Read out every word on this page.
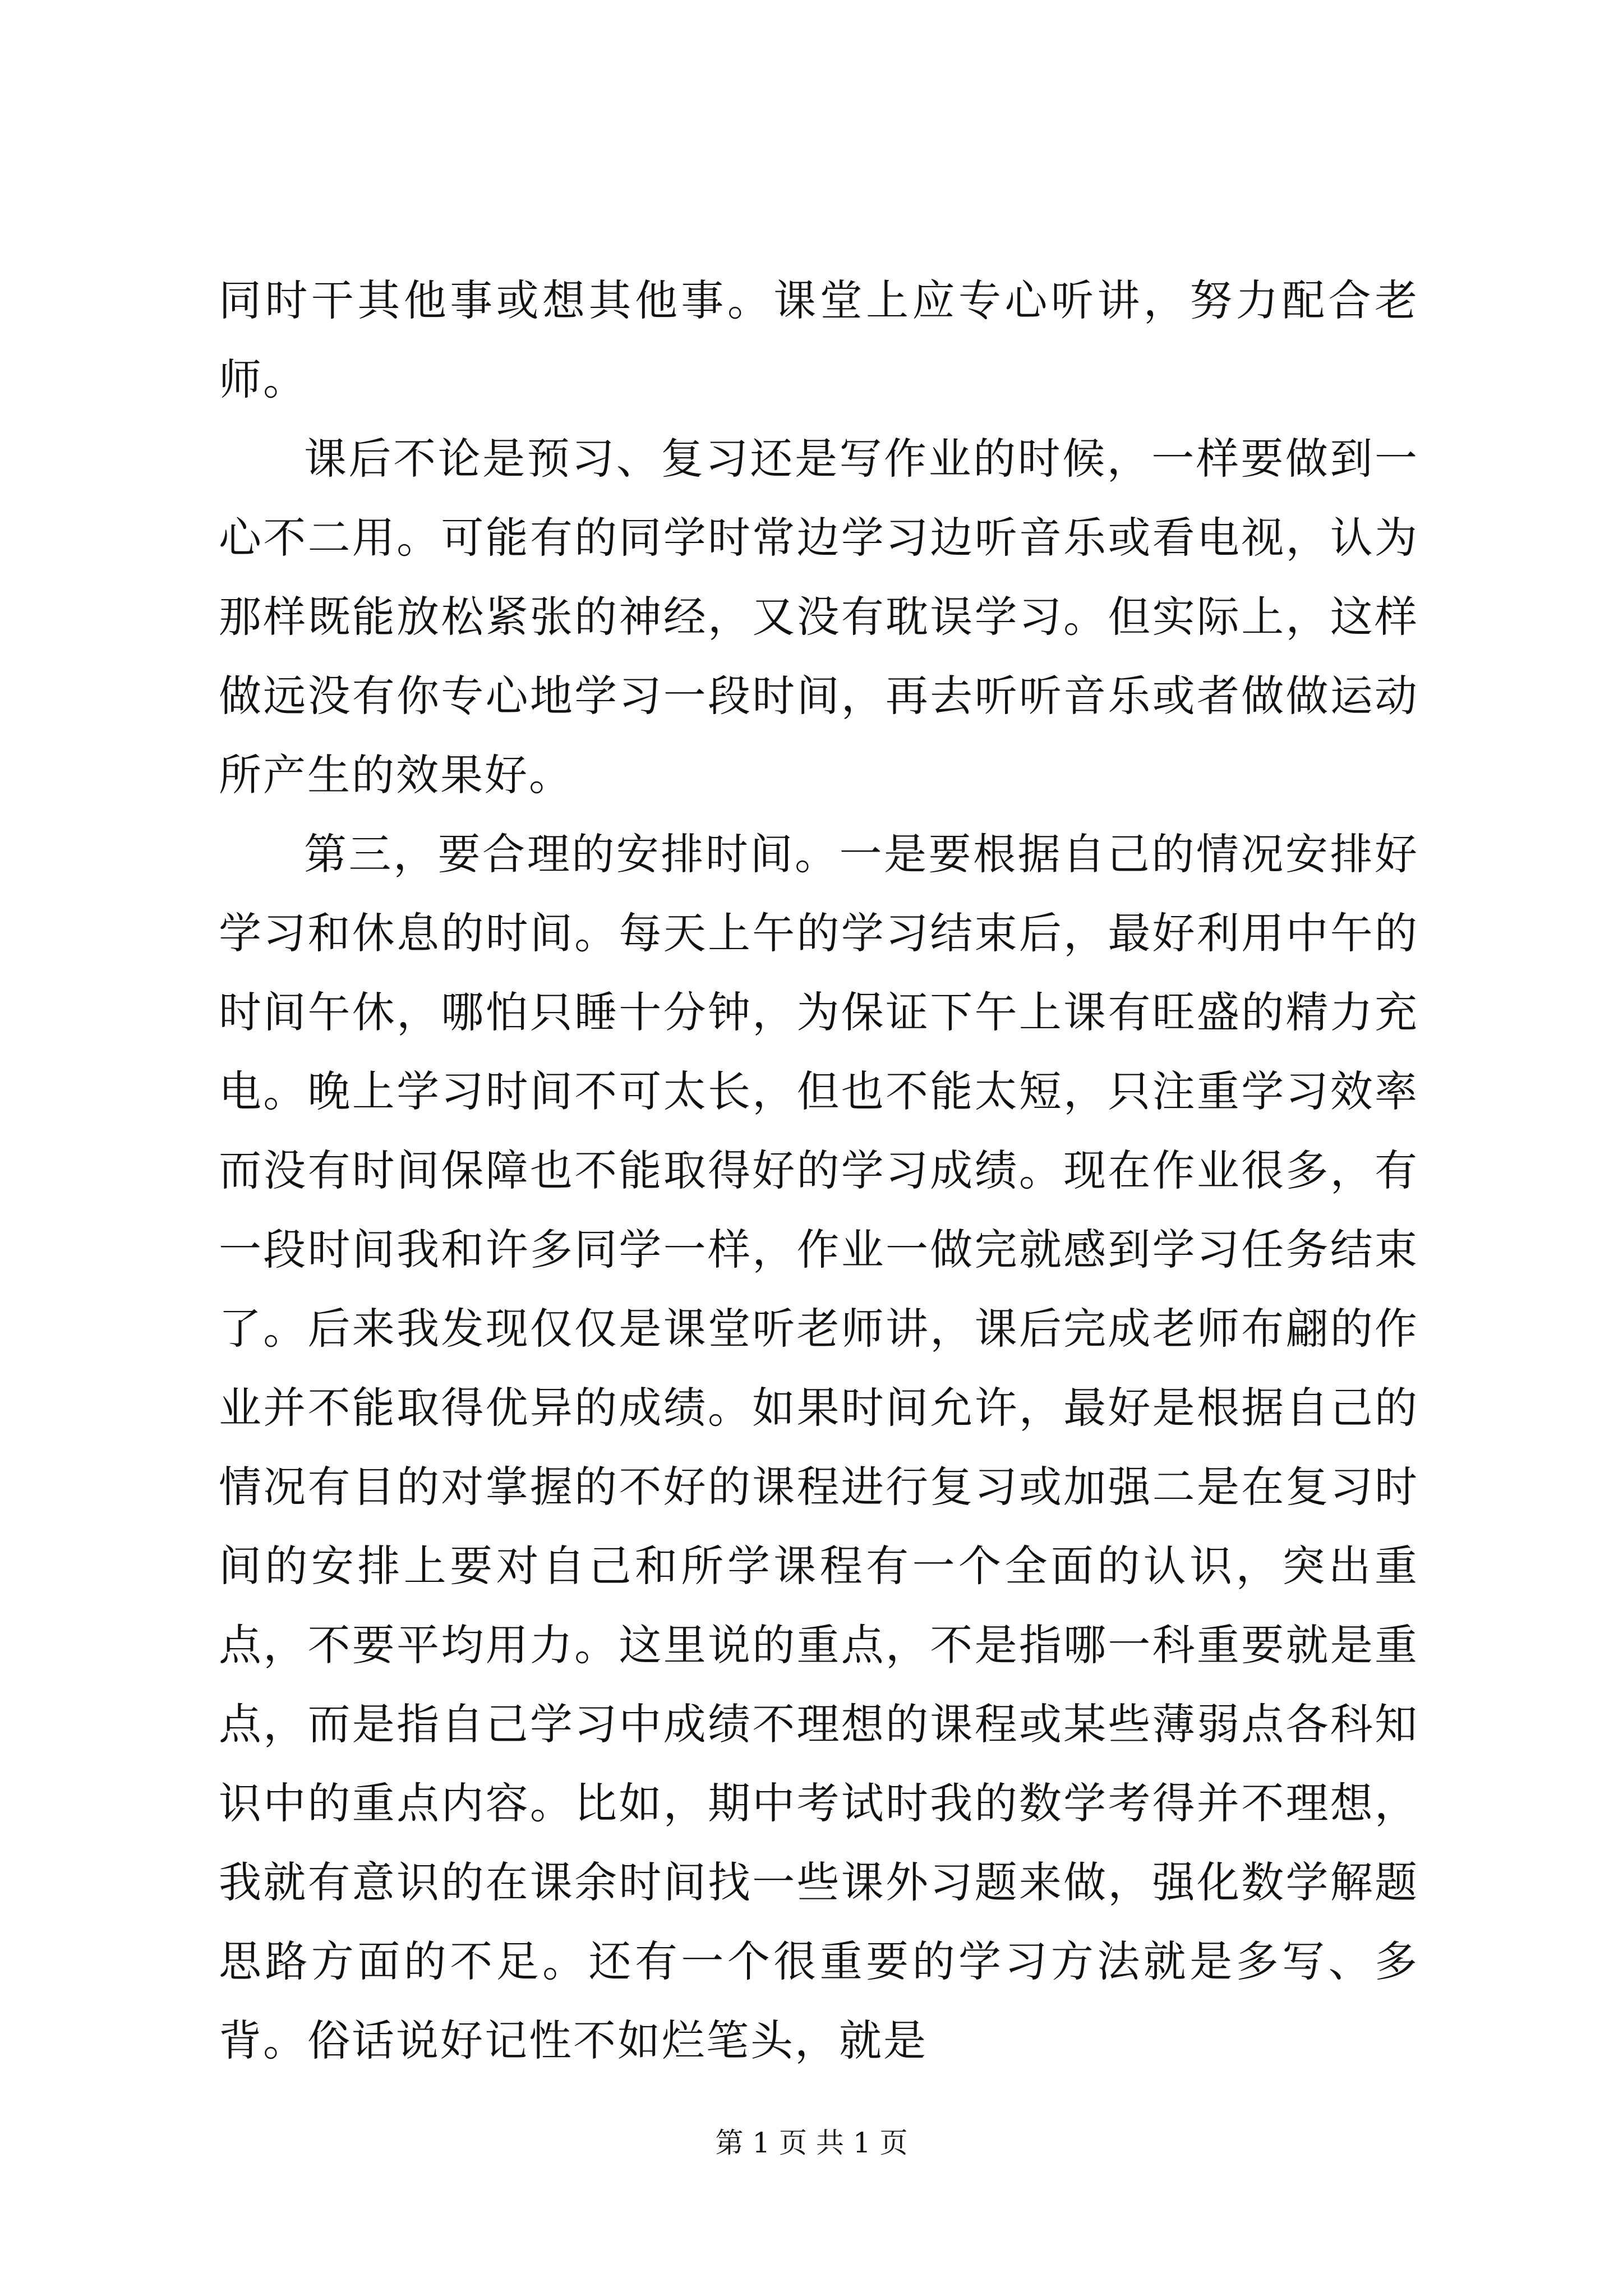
同时干其他事或想其他事。课堂上应专心听讲，努力配合老师。

课后不论是预习、复习还是写作业的时候，一样要做到一心不二用。可能有的同学时常边学习边听音乐或看电视，认为那样既能放松紧张的神经，又没有耽误学习。但实际上，这样做远没有你专心地学习一段时间，再去听听音乐或者做做运动所产生的效果好。

第三，要合理的安排时间。一是要根据自己的情况安排好学习和休息的时间。每天上午的学习结束后，最好利用中午的时间午休，哪怕只睡十分钟，为保证下午上课有旺盛的精力充电。晚上学习时间不可太长，但也不能太短，只注重学习效率而没有时间保障也不能取得好的学习成绩。现在作业很多，有一段时间我和许多同学一样，作业一做完就感到学习任务结束了。后来我发现仅仅是课堂听老师讲，课后完成老师布翩的作业并不能取得优异的成绩。如果时间允许，最好是根据自己的情况有目的对掌握的不好的课程进行复习或加强二是在复习时间的安排上要对自己和所学课程有一个全面的认识，突出重点，不要平均用力。这里说的重点，不是指哪一科重要就是重点，而是指自己学习中成绩不理想的课程或某些薄弱点各科知识中的重点内容。比如，期中考试时我的数学考得并不理想，我就有意识的在课余时间找一些课外习题来做，强化数学解题思路方面的不足。还有一个很重要的学习方法就是多写、多背。俗话说好记性不如烂笔头，就是

第 1 页 共 1 页
